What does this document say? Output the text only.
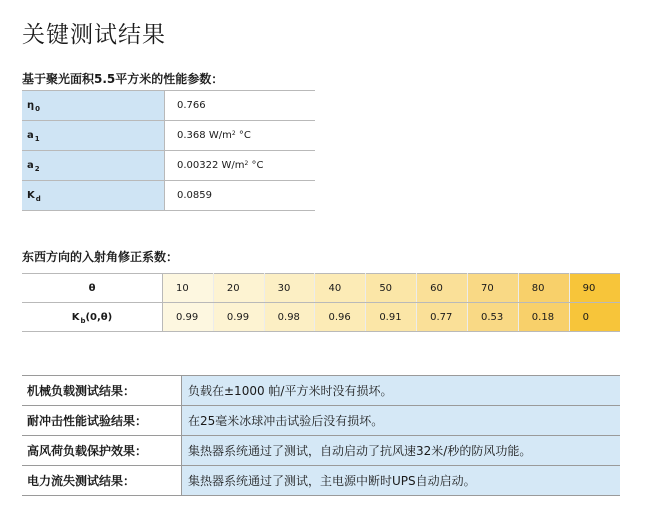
关键测试结果
基于聚光面积5.5平方米的性能参数：
$\eta_0$	0.766
$a_1$	0.368 $W/m^2$ °C
$a_2$	0.00322 $W/m^2$ °C
$K_d$	0.0859
东西方向的入射角修正系数：
θ	10	20	30	40	50	60	70	80	90
$K_b(0,\theta)$	0.99	0.99	0.98	0.96	0.91	0.77	0.53	0.18	0
机械负载测试结果：	负载在±1000 帕/平方米时没有损坏。
耐冲击性能试验结果：	在25毫米冰球冲击试验后没有损坏。
高风荷负载保护效果：	集热器系统通过了测试，自动启动了抗风速32米/秒的防风功能。
电力流失测试结果：	集热器系统通过了测试，主电源中断时UPS自动启动。
